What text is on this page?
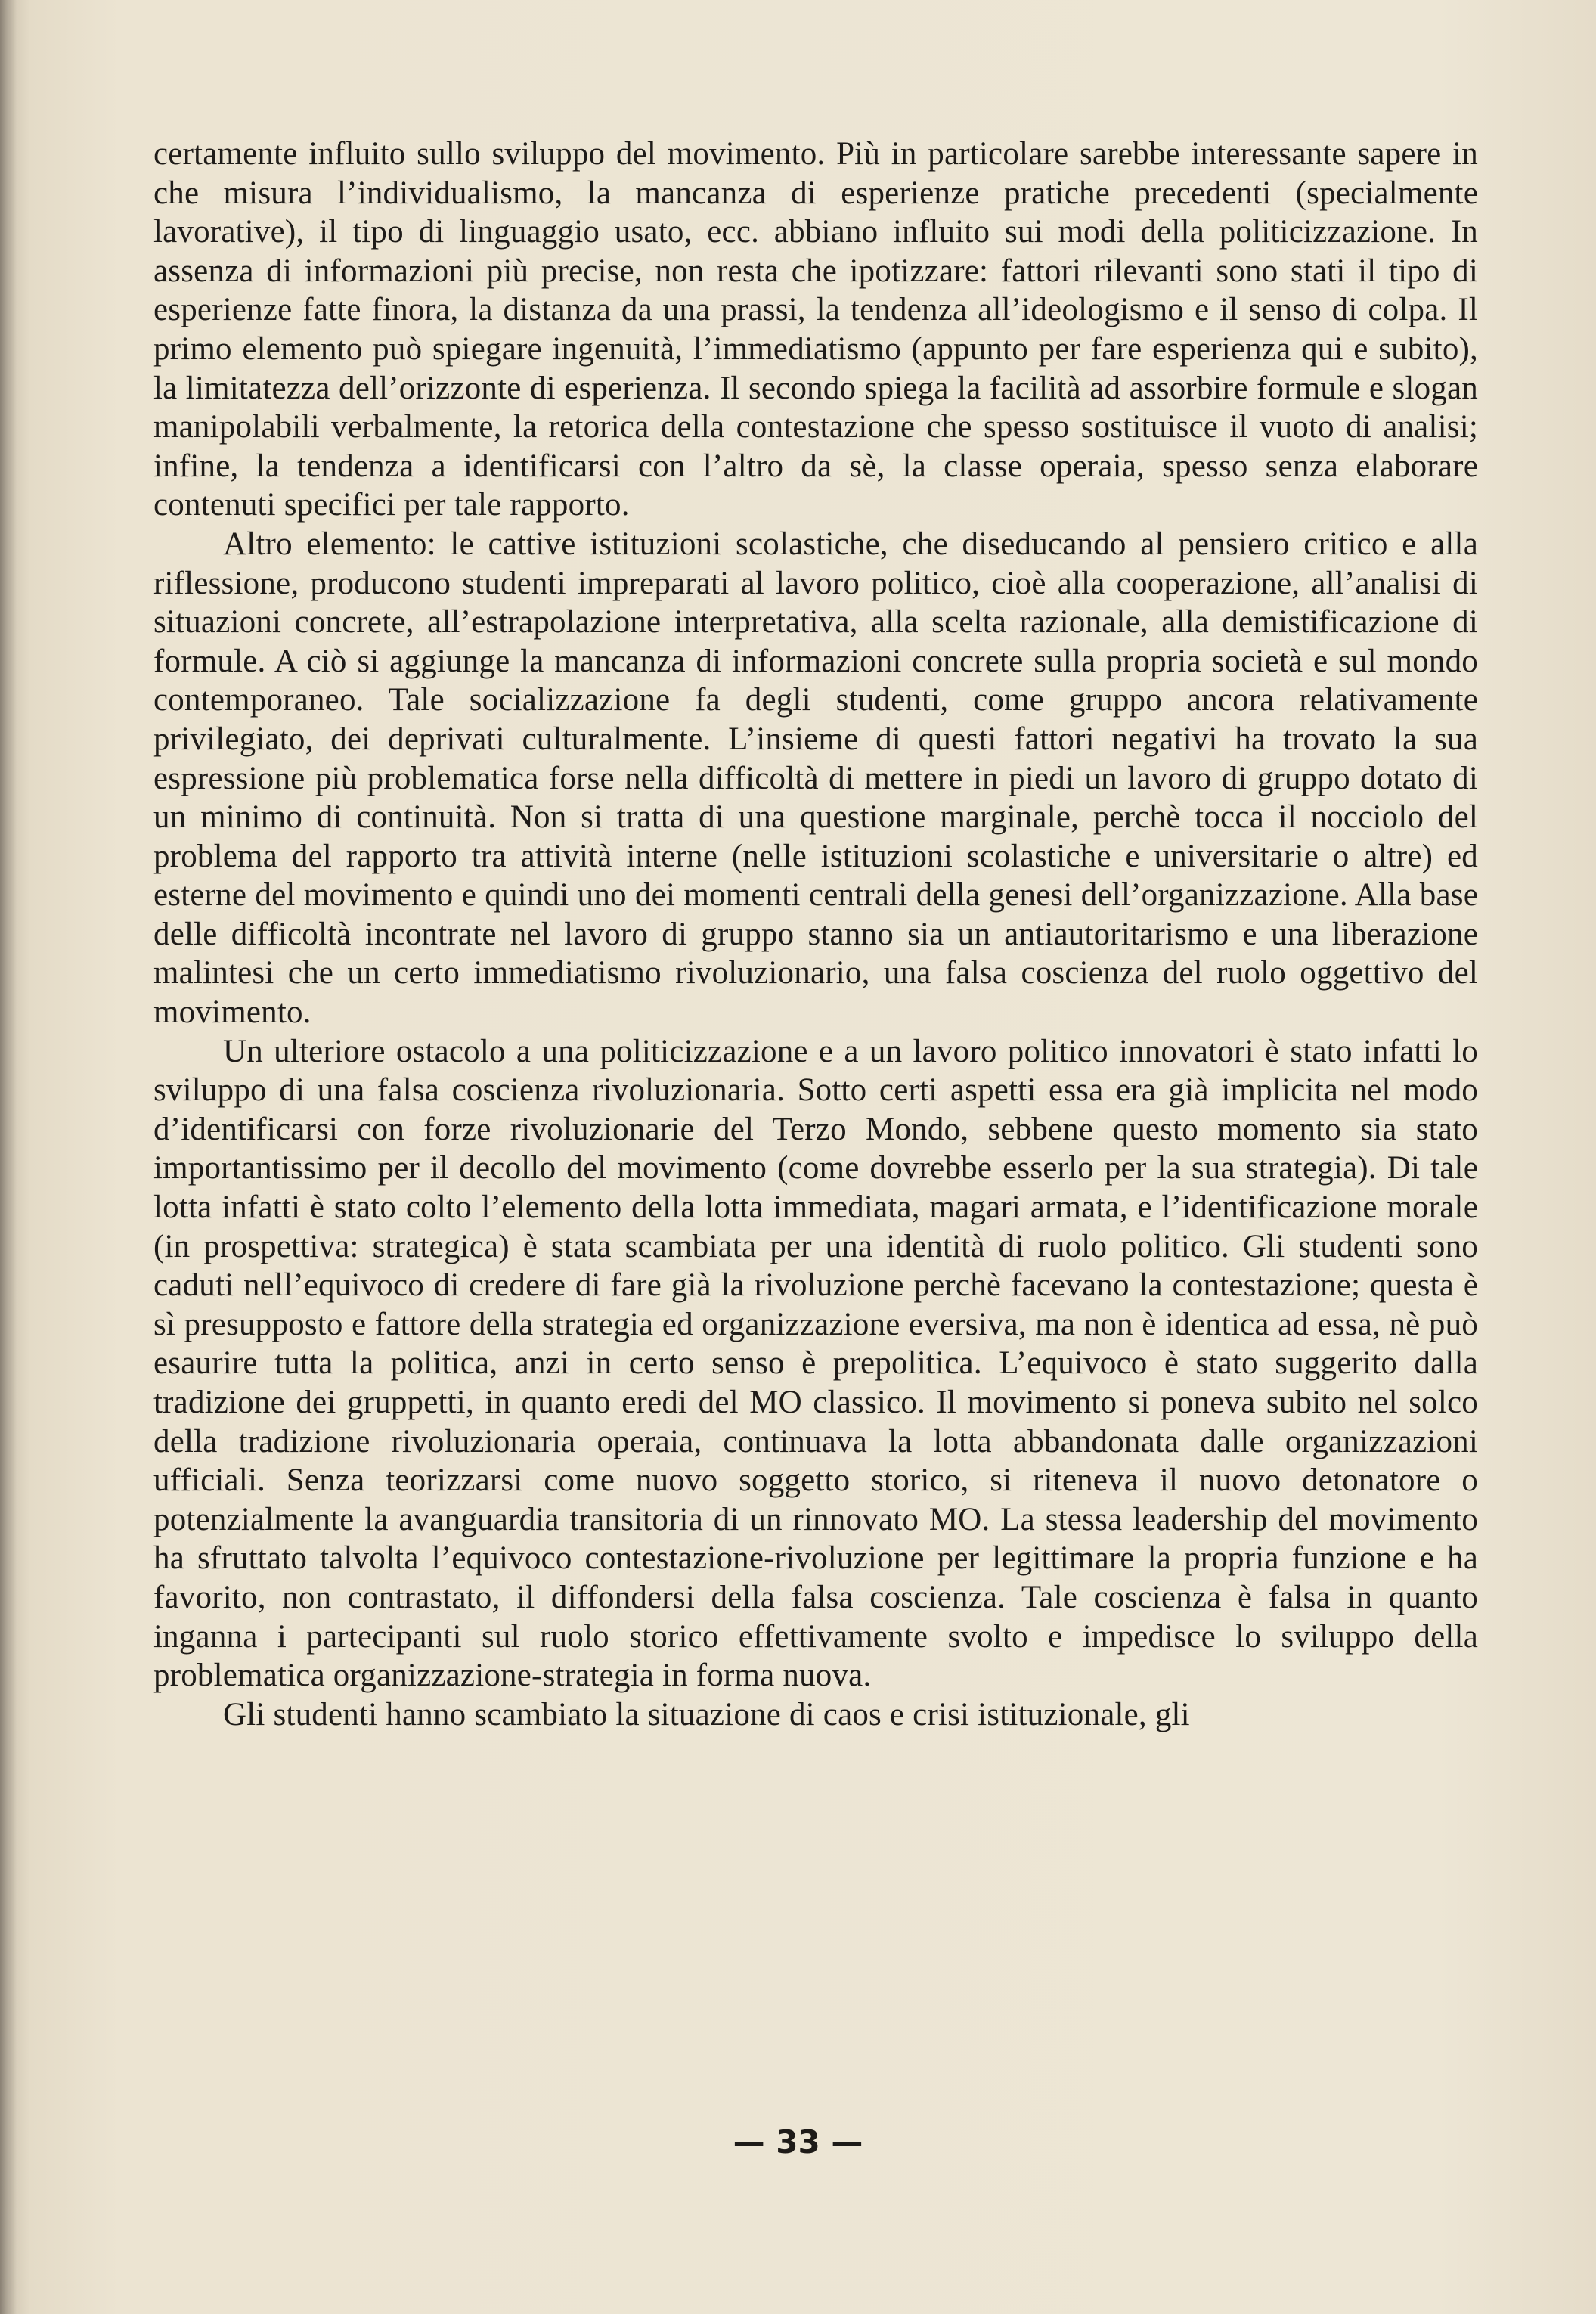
certamente influito sullo sviluppo del movimento. Più in particolare sarebbe interessante sapere in che misura l’individualismo, la mancanza di esperienze pratiche precedenti (specialmente lavorative), il tipo di linguaggio usato, ecc. abbiano influito sui modi della politicizzazione. In assenza di informazioni più precise, non resta che ipotizzare: fattori rilevanti sono stati il tipo di esperienze fatte finora, la distanza da una prassi, la tendenza all’ideologismo e il senso di colpa. Il primo elemento può spiegare ingenuità, l’immediatismo (appunto per fare esperienza qui e subito), la limitatezza dell’orizzonte di esperienza. Il secondo spiega la facilità ad assorbire formule e slogan manipolabili verbalmente, la retorica della contestazione che spesso sostituisce il vuoto di analisi; infine, la tendenza a identificarsi con l’altro da sè, la classe operaia, spesso senza elaborare contenuti specifici per tale rapporto.

Altro elemento: le cattive istituzioni scolastiche, che diseducando al pensiero critico e alla riflessione, producono studenti impreparati al lavoro politico, cioè alla cooperazione, all’analisi di situazioni concrete, all’estrapolazione interpretativa, alla scelta razionale, alla demistificazione di formule. A ciò si aggiunge la mancanza di informazioni concrete sulla propria società e sul mondo contemporaneo. Tale socializzazione fa degli studenti, come gruppo ancora relativamente privilegiato, dei deprivati culturalmente. L’insieme di questi fattori negativi ha trovato la sua espressione più problematica forse nella difficoltà di mettere in piedi un lavoro di gruppo dotato di un minimo di continuità. Non si tratta di una questione marginale, perchè tocca il nocciolo del problema del rapporto tra attività interne (nelle istituzioni scolastiche e universitarie o altre) ed esterne del movimento e quindi uno dei momenti centrali della genesi dell’organizzazione. Alla base delle difficoltà incontrate nel lavoro di gruppo stanno sia un antiautoritarismo e una liberazione malintesi che un certo immediatismo rivoluzionario, una falsa coscienza del ruolo oggettivo del movimento.

Un ulteriore ostacolo a una politicizzazione e a un lavoro politico innovatori è stato infatti lo sviluppo di una falsa coscienza rivoluzionaria. Sotto certi aspetti essa era già implicita nel modo d’identificarsi con forze rivoluzionarie del Terzo Mondo, sebbene questo momento sia stato importantissimo per il decollo del movimento (come dovrebbe esserlo per la sua strategia). Di tale lotta infatti è stato colto l’elemento della lotta immediata, magari armata, e l’identificazione morale (in prospettiva: strategica) è stata scambiata per una identità di ruolo politico. Gli studenti sono caduti nell’equivoco di credere di fare già la rivoluzione perchè facevano la contestazione; questa è sì presupposto e fattore della strategia ed organizzazione eversiva, ma non è identica ad essa, nè può esaurire tutta la politica, anzi in certo senso è prepolitica. L’equivoco è stato suggerito dalla tradizione dei gruppetti, in quanto eredi del MO classico. Il movimento si poneva subito nel solco della tradizione rivoluzionaria operaia, continuava la lotta abbandonata dalle organizzazioni ufficiali. Senza teorizzarsi come nuovo soggetto storico, si riteneva il nuovo detonatore o potenzialmente la avanguardia transitoria di un rinnovato MO. La stessa leadership del movimento ha sfruttato talvolta l’equivoco contestazione-rivoluzione per legittimare la propria funzione e ha favorito, non contrastato, il diffondersi della falsa coscienza. Tale coscienza è falsa in quanto inganna i partecipanti sul ruolo storico effettivamente svolto e impedisce lo sviluppo della problematica organizzazione-strategia in forma nuova.

Gli studenti hanno scambiato la situazione di caos e crisi istituzionale, gli

— 33 —
